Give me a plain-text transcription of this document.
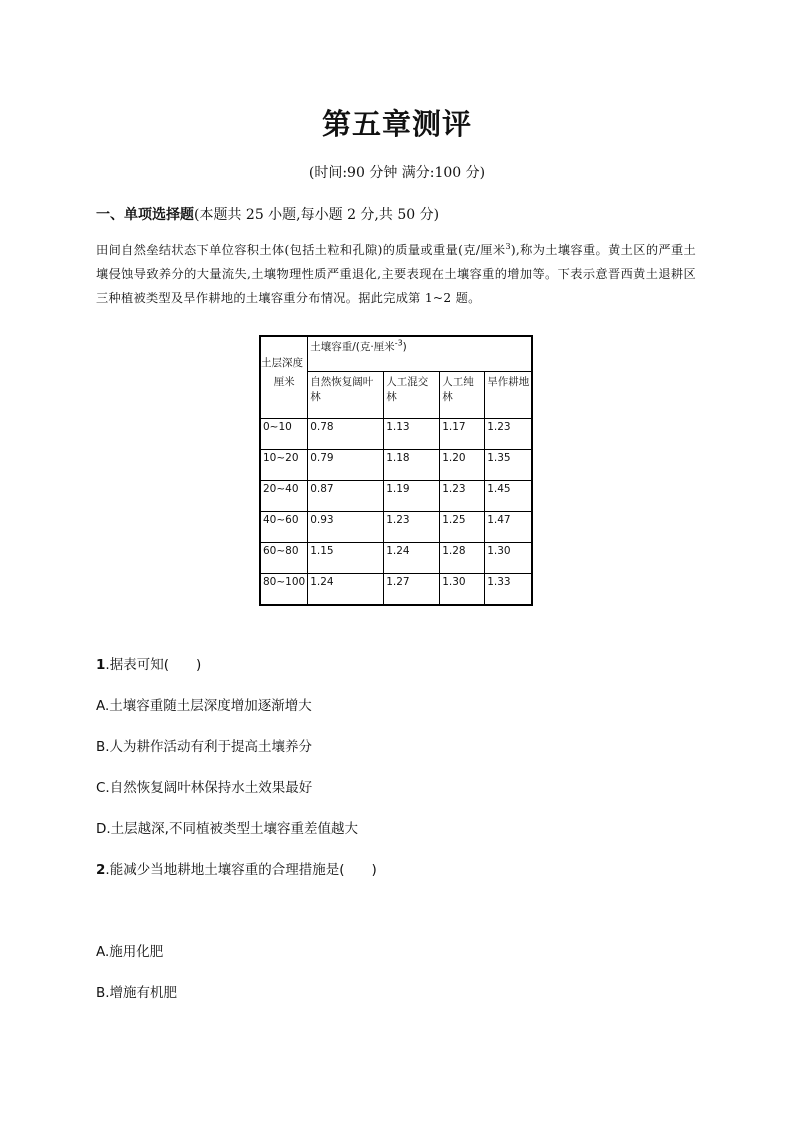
第五章测评
(时间:90 分钟 满分:100 分)
一、单项选择题(本题共 25 小题,每小题 2 分,共 50 分)
田间自然垒结状态下单位容积土体(包括土粒和孔隙)的质量或重量(克/厘米$^3$),称为土壤容重。黄土区的严重土壤侵蚀导致养分的大量流失,土壤物理性质严重退化,主要表现在土壤容重的增加等。下表示意晋西黄土退耕区三种植被类型及旱作耕地的土壤容重分布情况。据此完成第 1~2 题。
土层深度
厘米	土壤容重/(克·厘米$^{-3}$)			
	自然恢复阔叶林	人工混交林	人工纯林	旱作耕地
0~10	0.78	1.13	1.17	1.23
10~20	0.79	1.18	1.20	1.35
20~40	0.87	1.19	1.23	1.45
40~60	0.93	1.23	1.25	1.47
60~80	1.15	1.24	1.28	1.30
80~100	1.24	1.27	1.30	1.33
1.据表可知(　　)
A.土壤容重随土层深度增加逐渐增大
B.人为耕作活动有利于提高土壤养分
C.自然恢复阔叶林保持水土效果最好
D.土层越深,不同植被类型土壤容重差值越大
2.能减少当地耕地土壤容重的合理措施是(　　)
A.施用化肥
B.增施有机肥
